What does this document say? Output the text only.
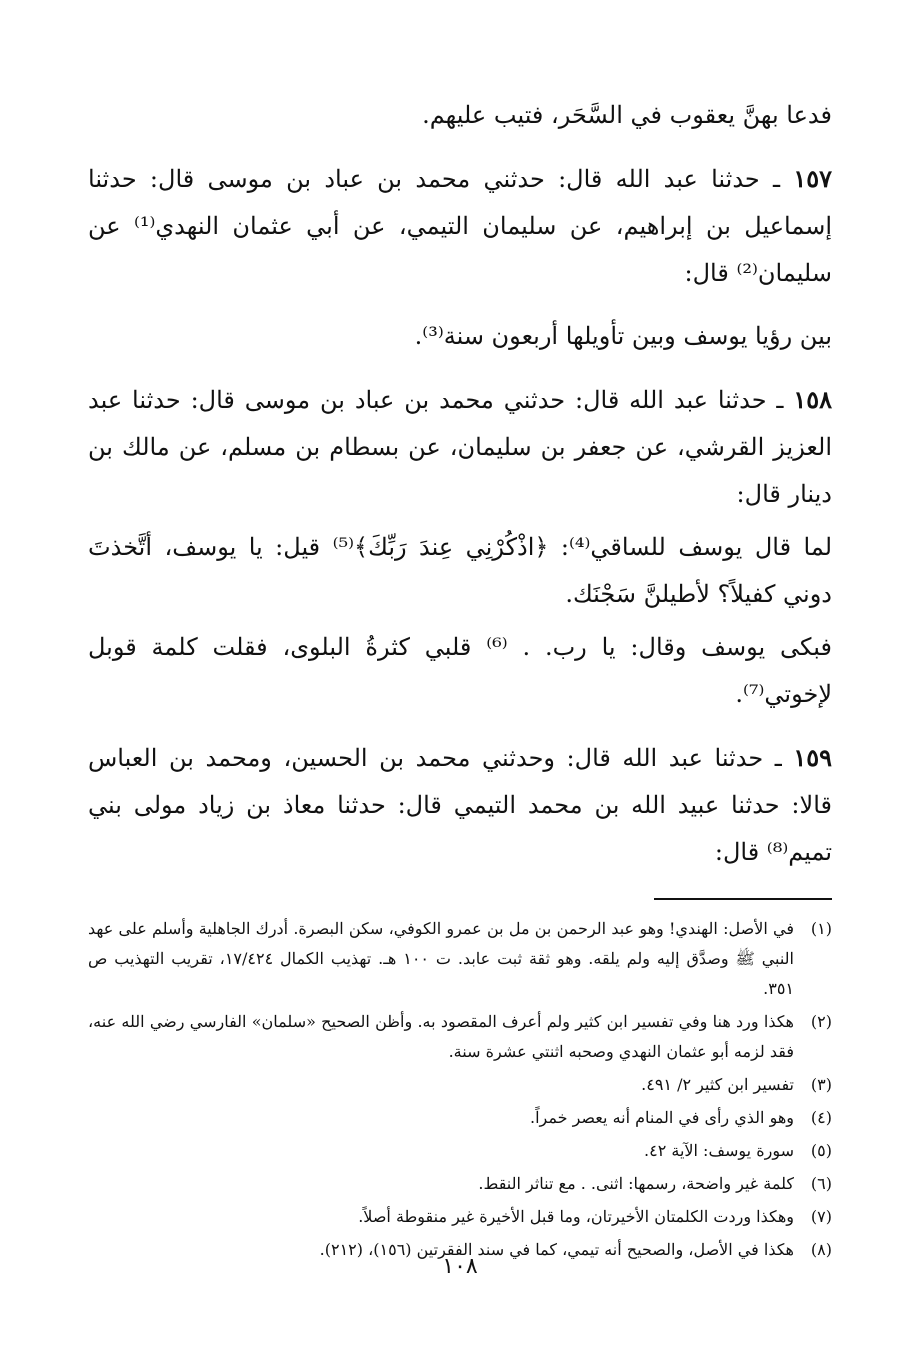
فدعا بهنَّ يعقوب في السَّحَر، فتيب عليهم.

١٥٧ ـ حدثنا عبد الله قال: حدثني محمد بن عباد بن موسى قال: حدثنا إسماعيل بن إبراهيم، عن سليمان التيمي، عن أبي عثمان النهدي⁽¹⁾ عن سليمان⁽²⁾ قال:

بين رؤيا يوسف وبين تأويلها أربعون سنة⁽³⁾.

١٥٨ ـ حدثنا عبد الله قال: حدثني محمد بن عباد بن موسى قال: حدثنا عبد العزيز القرشي، عن جعفر بن سليمان، عن بسطام بن مسلم، عن مالك بن دينار قال:

لما قال يوسف للساقي⁽⁴⁾: ﴿اذْكُرْنِي عِندَ رَبِّكَ﴾⁽⁵⁾ قيل: يا يوسف، أتَّخذتَ دوني كفيلاً؟ لأطيلنَّ سَجْنَك.

فبكى يوسف وقال: يا رب. . ⁽⁶⁾ قلبي كثرةُ البلوى، فقلت كلمة قوبل لإخوتي⁽⁷⁾.

١٥٩ ـ حدثنا عبد الله قال: وحدثني محمد بن الحسين، ومحمد بن العباس قالا: حدثنا عبيد الله بن محمد التيمي قال: حدثنا معاذ بن زياد مولى بني تميم⁽⁸⁾ قال:

(١)
في الأصل: الهندي! وهو عبد الرحمن بن مل بن عمرو الكوفي، سكن البصرة. أدرك الجاهلية وأسلم على عهد النبي ﷺ وصدَّق إليه ولم يلقه. وهو ثقة ثبت عابد. ت ١٠٠ هـ. تهذيب الكمال ١٧/٤٢٤، تقريب التهذيب ص ٣٥١.
(٢)
هكذا ورد هنا وفي تفسير ابن كثير ولم أعرف المقصود به. وأظن الصحيح «سلمان» الفارسي رضي الله عنه، فقد لزمه أبو عثمان النهدي وصحبه اثنتي عشرة سنة.
(٣)
تفسير ابن كثير ٢/ ٤٩١.
(٤)
وهو الذي رأى في المنام أنه يعصر خمراً.
(٥)
سورة يوسف: الآية ٤٢.
(٦)
كلمة غير واضحة، رسمها: اثنى. . مع تناثر النقط.
(٧)
وهكذا وردت الكلمتان الأخيرتان، وما قبل الأخيرة غير منقوطة أصلاً.
(٨)
هكذا في الأصل، والصحيح أنه تيمي، كما في سند الفقرتين (١٥٦)، (٢١٢).
١٠٨
